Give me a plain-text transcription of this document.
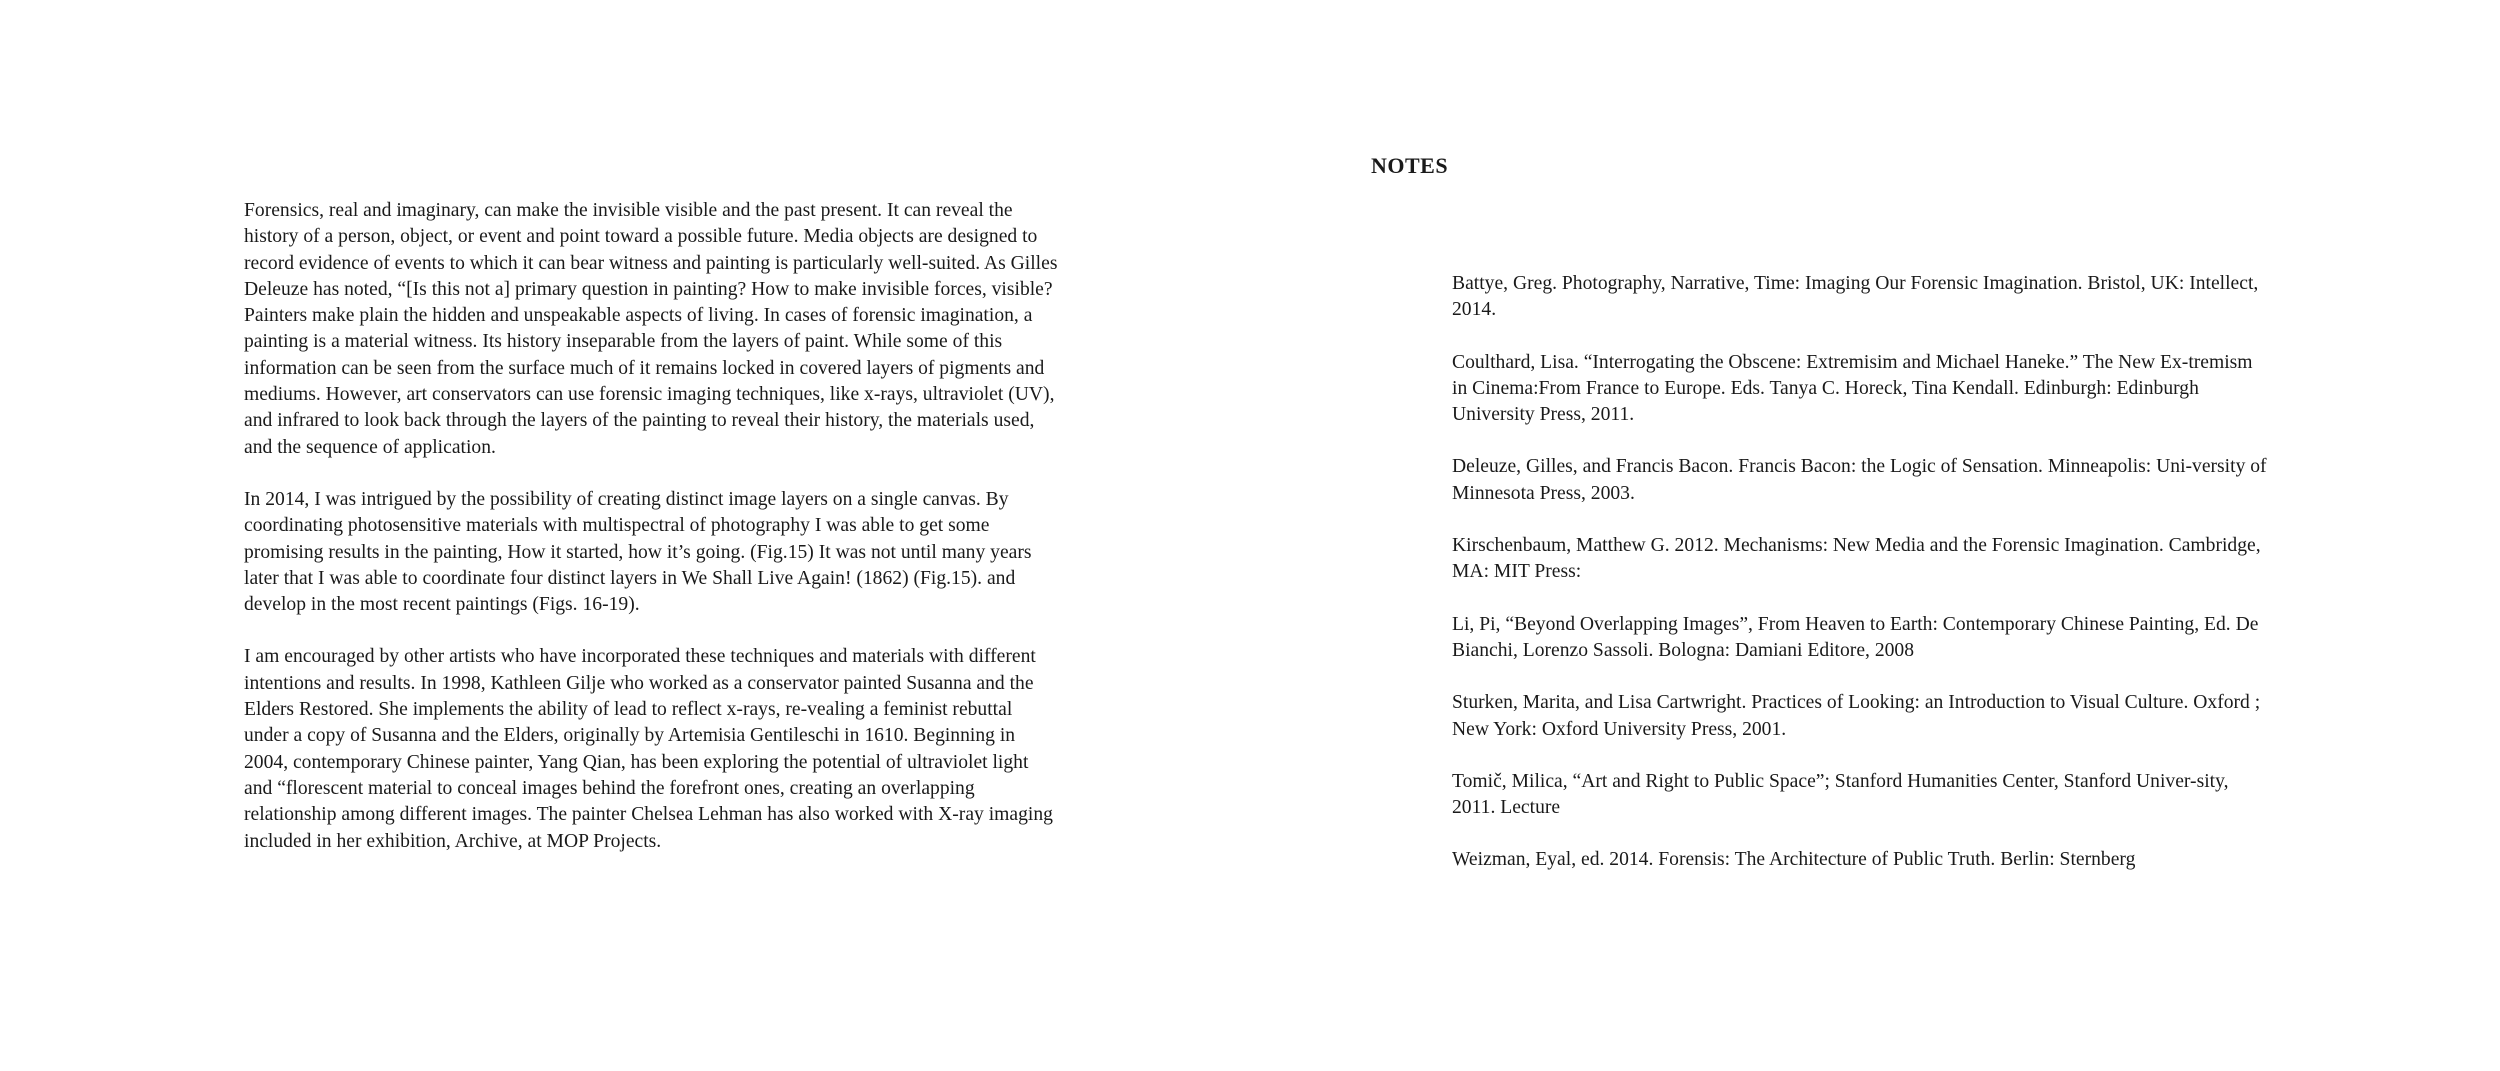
Forensics, real and imaginary, can make the invisible visible and the past present. It can reveal the history of a person, object, or event and point toward a possible future. Media objects are designed to record evidence of events to which it can bear witness and painting is particularly well-suited. As Gilles Deleuze has noted, “[Is this not a] primary question in painting? How to make invisible forces, visible? Painters make plain the hidden and unspeakable aspects of living. In cases of forensic imagination, a painting is a material witness. Its history inseparable from the layers of paint. While some of this information can be seen from the surface much of it remains locked in covered layers of pigments and mediums. However, art conservators can use forensic imaging techniques, like x-rays, ultraviolet (UV), and infrared to look back through the layers of the painting to reveal their history, the materials used, and the sequence of application.

In 2014, I was intrigued by the possibility of creating distinct image layers on a single canvas. By coordinating photosensitive materials with multispectral of photography I was able to get some promising results in the painting, How it started, how it’s going. (Fig.15) It was not until many years later that I was able to coordinate four distinct layers in We Shall Live Again! (1862) (Fig.15). and develop in the most recent paintings (Figs. 16-19).

I am encouraged by other artists who have incorporated these techniques and materials with different intentions and results. In 1998, Kathleen Gilje who worked as a conservator painted Susanna and the Elders Restored. She implements the ability of lead to reflect x-rays, re-vealing a feminist rebuttal under a copy of Susanna and the Elders, originally by Artemisia Gentileschi in 1610. Beginning in 2004, contemporary Chinese painter, Yang Qian, has been exploring the potential of ultraviolet light and “florescent material to conceal images behind the forefront ones, creating an overlapping relationship among different images. The painter Chelsea Lehman has also worked with X-ray imaging included in her exhibition, Archive, at MOP Projects.

NOTES

Battye, Greg. Photography, Narrative, Time: Imaging Our Forensic Imagination. Bristol, UK: Intellect, 2014.

Coulthard, Lisa. “Interrogating the Obscene: Extremisim and Michael Haneke.” The New Ex-tremism in Cinema:From France to Europe. Eds. Tanya C. Horeck, Tina Kendall. Edinburgh: Edinburgh University Press, 2011.

Deleuze, Gilles, and Francis Bacon. Francis Bacon: the Logic of Sensation. Minneapolis: Uni-versity of Minnesota Press, 2003.

Kirschenbaum, Matthew G. 2012. Mechanisms: New Media and the Forensic Imagination. Cambridge, MA: MIT Press:

Li, Pi, “Beyond Overlapping Images”, From Heaven to Earth: Contemporary Chinese Painting, Ed. De Bianchi, Lorenzo Sassoli. Bologna: Damiani Editore, 2008

Sturken, Marita, and Lisa Cartwright. Practices of Looking: an Introduction to Visual Culture. Oxford ; New York: Oxford University Press, 2001.

Tomič, Milica, “Art and Right to Public Space”; Stanford Humanities Center, Stanford Univer-sity, 2011. Lecture

Weizman, Eyal, ed. 2014. Forensis: The Architecture of Public Truth. Berlin: Sternberg
